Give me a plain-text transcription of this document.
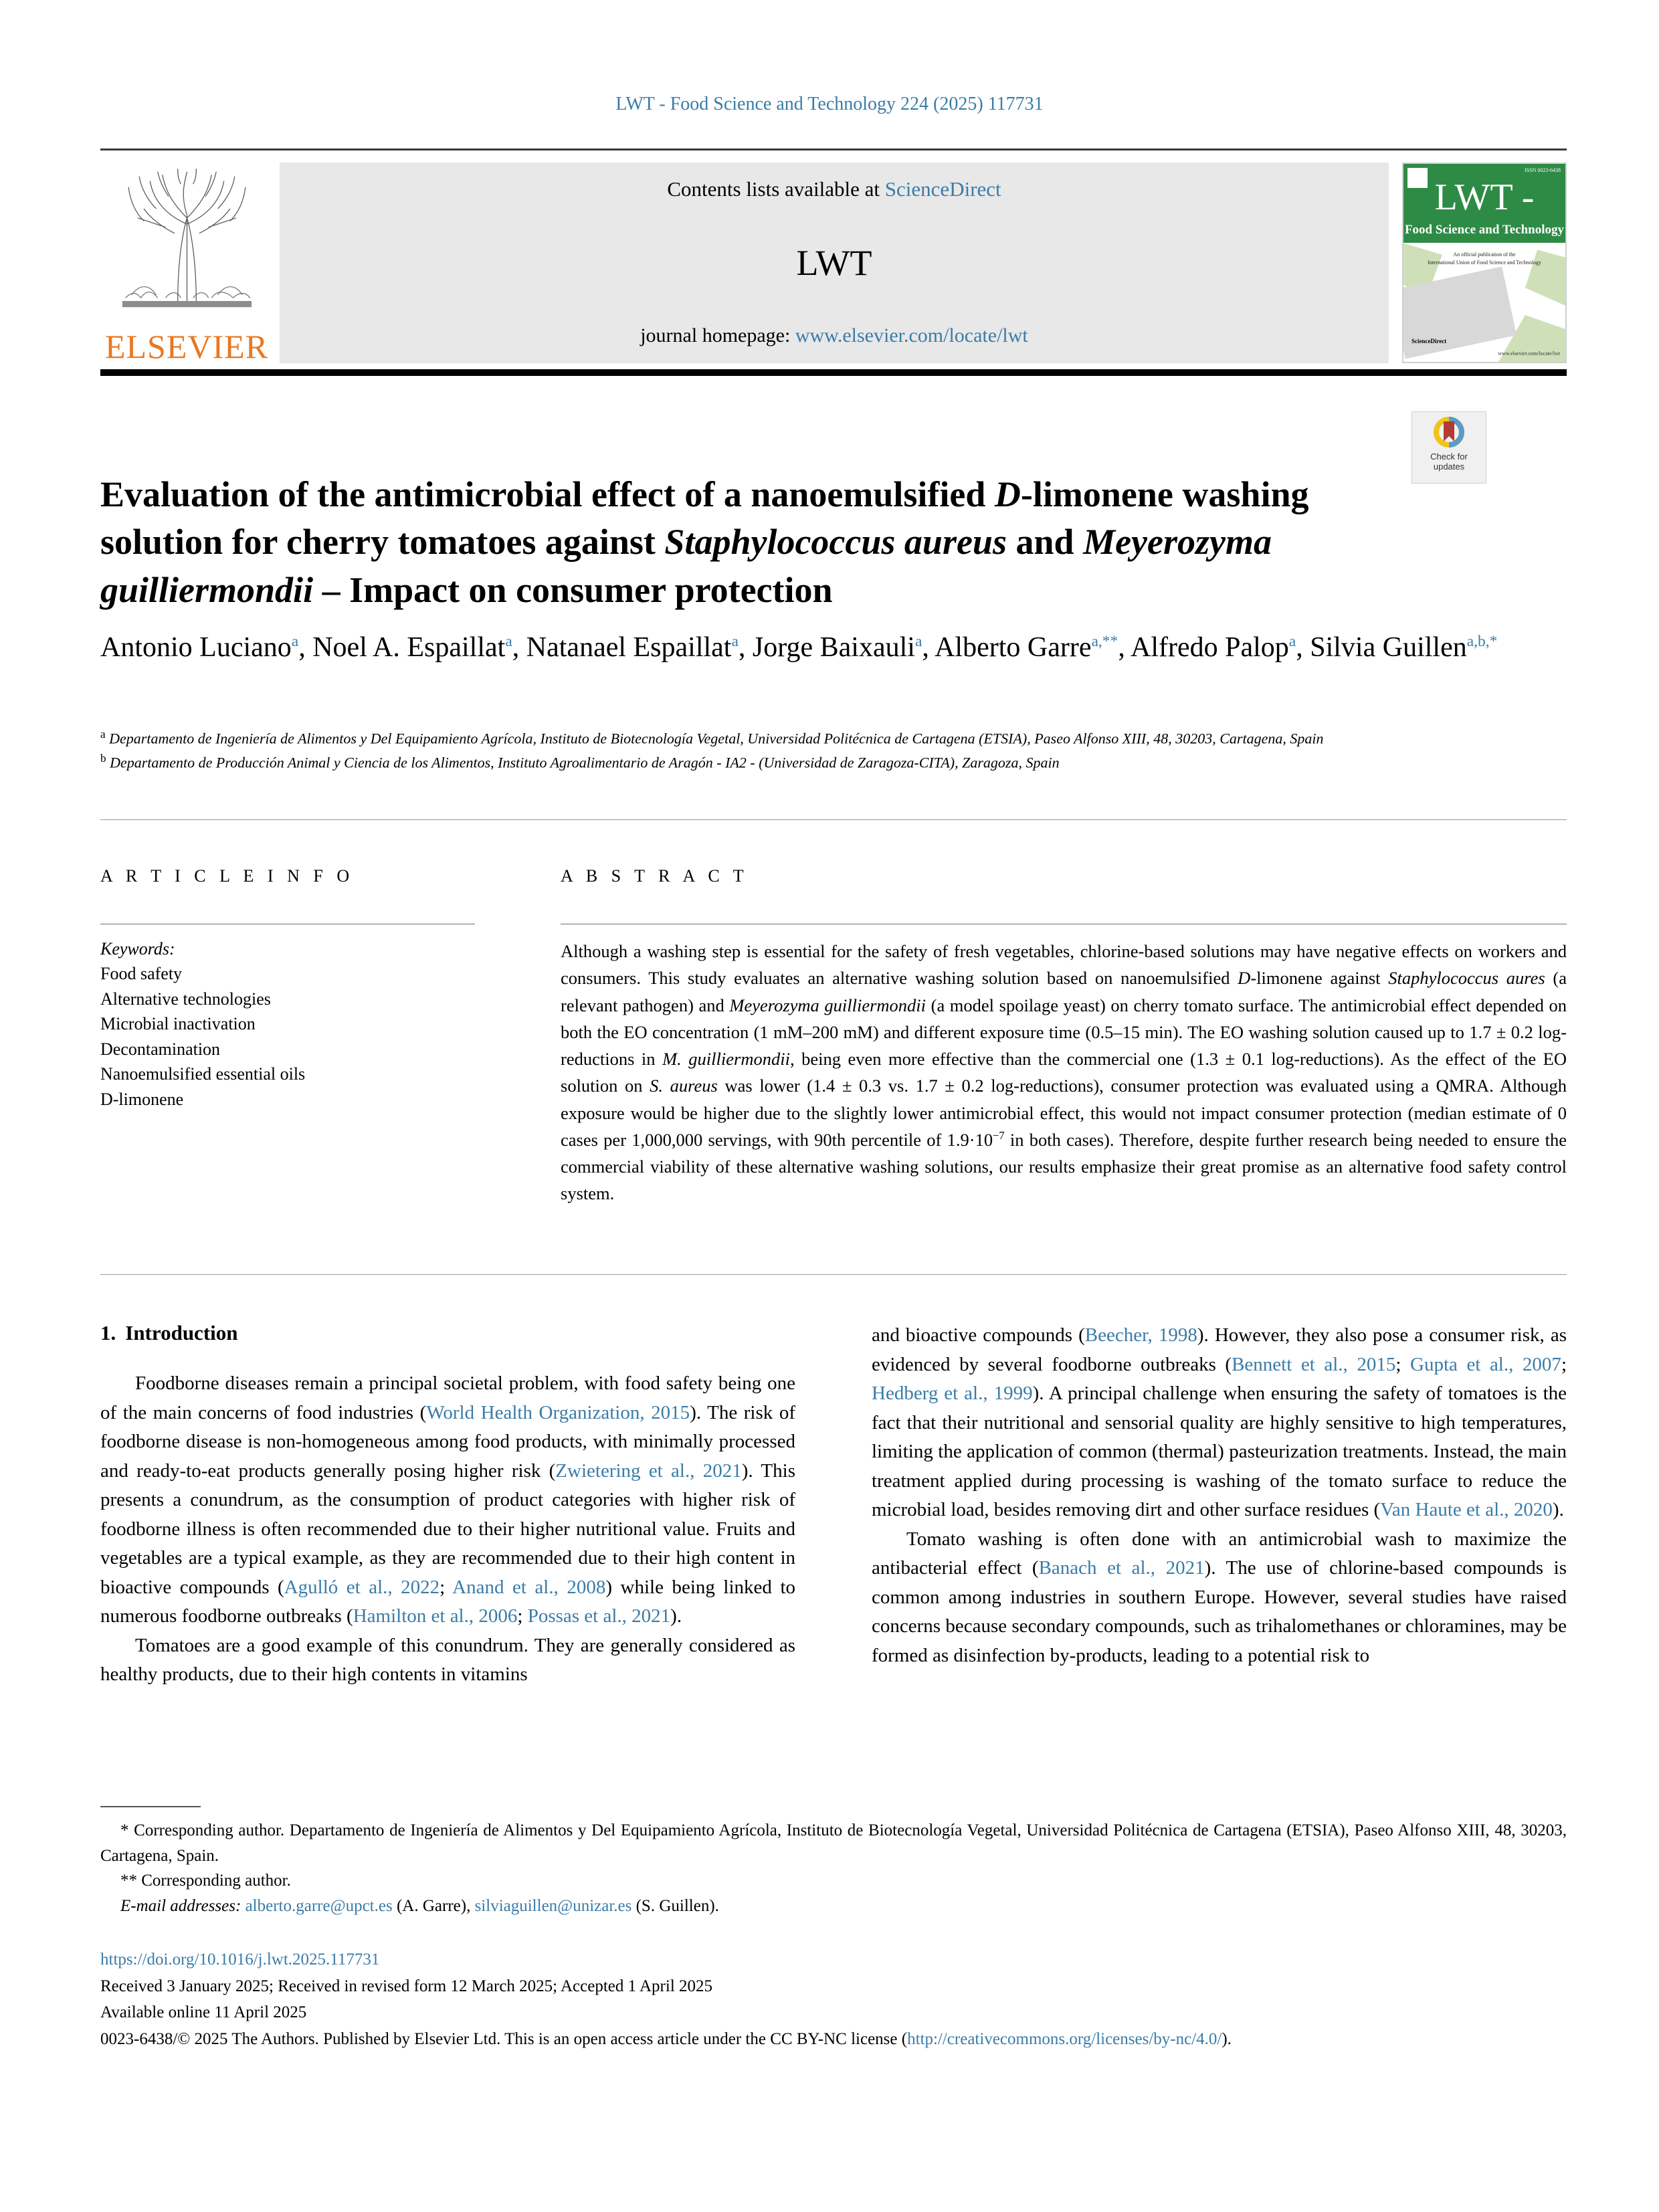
LWT - Food Science and Technology 224 (2025) 117731
ELSEVIER
Contents lists available at ScienceDirect
LWT
journal homepage: www.elsevier.com/locate/lwt
ISSN 0023-6438
LWT -
Food Science and Technology
An official publication of the
International Union of Food Science and Technology
ScienceDirect
www.elsevier.com/locate/lwt
Check for
updates
Evaluation of the antimicrobial effect of a nanoemulsified D-limonene washing solution for cherry tomatoes against Staphylococcus aureus and Meyerozyma guilliermondii – Impact on consumer protection
Antonio Luciano$^a$, Noel A. Espaillat$^a$, Natanael Espaillat$^a$, Jorge Baixauli$^a$, Alberto Garre$^{a,**}$, Alfredo Palop$^a$, Silvia Guillen$^{a,b,*}$
$^a$ Departamento de Ingeniería de Alimentos y Del Equipamiento Agrícola, Instituto de Biotecnología Vegetal, Universidad Politécnica de Cartagena (ETSIA), Paseo Alfonso XIII, 48, 30203, Cartagena, Spain
$^b$ Departamento de Producción Animal y Ciencia de los Alimentos, Instituto Agroalimentario de Aragón - IA2 - (Universidad de Zaragoza-CITA), Zaragoza, Spain
A R T I C L E I N F O
Keywords:
Food safety
Alternative technologies
Microbial inactivation
Decontamination
Nanoemulsified essential oils
D-limonene
A B S T R A C T
Although a washing step is essential for the safety of fresh vegetables, chlorine-based solutions may have negative effects on workers and consumers. This study evaluates an alternative washing solution based on nanoemulsified D-limonene against Staphylococcus aures (a relevant pathogen) and Meyerozyma guilliermondii (a model spoilage yeast) on cherry tomato surface. The antimicrobial effect depended on both the EO concentration (1 mM–200 mM) and different exposure time (0.5–15 min). The EO washing solution caused up to 1.7 ± 0.2 log-reductions in M. guilliermondii, being even more effective than the commercial one (1.3 ± 0.1 log-reductions). As the effect of the EO solution on S. aureus was lower (1.4 ± 0.3 vs. 1.7 ± 0.2 log-reductions), consumer protection was evaluated using a QMRA. Although exposure would be higher due to the slightly lower antimicrobial effect, this would not impact consumer protection (median estimate of 0 cases per 1,000,000 servings, with 90th percentile of $1.9\cdot 10^{-7}$ in both cases). Therefore, despite further research being needed to ensure the commercial viability of these alternative washing solutions, our results emphasize their great promise as an alternative food safety control system.
1. Introduction

Foodborne diseases remain a principal societal problem, with food safety being one of the main concerns of food industries (World Health Organization, 2015). The risk of foodborne disease is non-homogeneous among food products, with minimally processed and ready-to-eat products generally posing higher risk (Zwietering et al., 2021). This presents a conundrum, as the consumption of product categories with higher risk of foodborne illness is often recommended due to their higher nutritional value. Fruits and vegetables are a typical example, as they are recommended due to their high content in bioactive compounds (Agulló et al., 2022; Anand et al., 2008) while being linked to numerous foodborne outbreaks (Hamilton et al., 2006; Possas et al., 2021).

Tomatoes are a good example of this conundrum. They are generally considered as healthy products, due to their high contents in vitamins

and bioactive compounds (Beecher, 1998). However, they also pose a consumer risk, as evidenced by several foodborne outbreaks (Bennett et al., 2015; Gupta et al., 2007; Hedberg et al., 1999). A principal challenge when ensuring the safety of tomatoes is the fact that their nutritional and sensorial quality are highly sensitive to high temperatures, limiting the application of common (thermal) pasteurization treatments. Instead, the main treatment applied during processing is washing of the tomato surface to reduce the microbial load, besides removing dirt and other surface residues (Van Haute et al., 2020).

Tomato washing is often done with an antimicrobial wash to maximize the antibacterial effect (Banach et al., 2021). The use of chlorine-based compounds is common among industries in southern Europe. However, several studies have raised concerns because secondary compounds, such as trihalomethanes or chloramines, may be formed as disinfection by-products, leading to a potential risk to

* Corresponding author. Departamento de Ingeniería de Alimentos y Del Equipamiento Agrícola, Instituto de Biotecnología Vegetal, Universidad Politécnica de Cartagena (ETSIA), Paseo Alfonso XIII, 48, 30203, Cartagena, Spain.
** Corresponding author.
E-mail addresses: alberto.garre@upct.es (A. Garre), silviaguillen@unizar.es (S. Guillen).
https://doi.org/10.1016/j.lwt.2025.117731
Received 3 January 2025; Received in revised form 12 March 2025; Accepted 1 April 2025
Available online 11 April 2025
0023-6438/© 2025 The Authors. Published by Elsevier Ltd. This is an open access article under the CC BY-NC license (http://creativecommons.org/licenses/by-nc/4.0/).
